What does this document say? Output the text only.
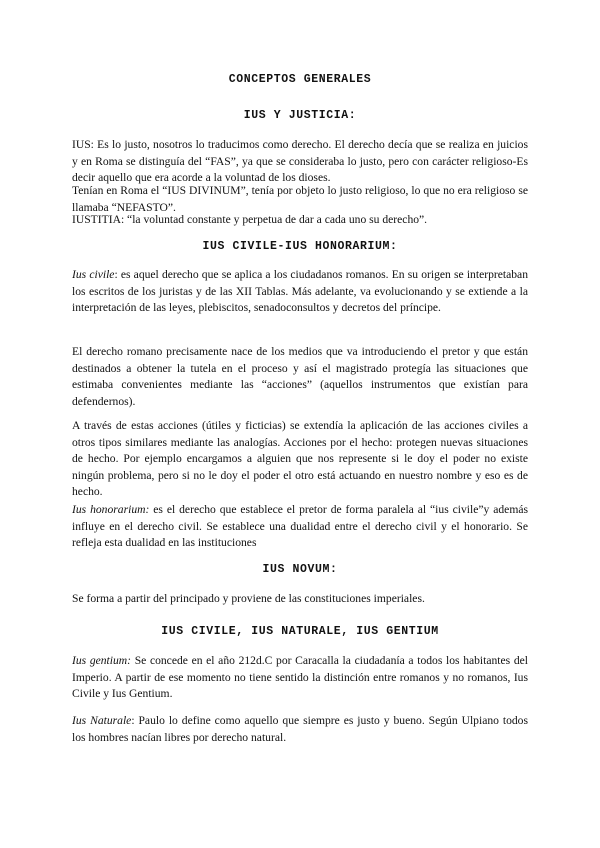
CONCEPTOS GENERALES
IUS Y JUSTICIA:

IUS: Es lo justo, nosotros lo traducimos como derecho. El derecho decía que se realiza en juicios y en Roma se distinguía del “FAS”, ya que se consideraba lo justo, pero con carácter religioso-Es decir aquello que era acorde a la voluntad de los dioses.

Tenían en Roma el “IUS DIVINUM”, tenía por objeto lo justo religioso, lo que no era religioso se llamaba “NEFASTO”.

IUSTITIA: “la voluntad constante y perpetua de dar a cada uno su derecho”.

IUS CIVILE-IUS HONORARIUM:

Ius civile: es aquel derecho que se aplica a los ciudadanos romanos. En su origen se interpretaban los escritos de los juristas y de las XII Tablas. Más adelante, va evolucionando y se extiende a la interpretación de las leyes, plebiscitos, senadoconsultos y decretos del príncipe.

El derecho romano precisamente nace de los medios que va introduciendo el pretor y que están destinados a obtener la tutela en el proceso y así el magistrado protegía las situaciones que estimaba convenientes mediante las “acciones” (aquellos instrumentos que existían para defendernos).

A través de estas acciones (útiles y ficticias) se extendía la aplicación de las acciones civiles a otros tipos similares mediante las analogías. Acciones por el hecho: protegen nuevas situaciones de hecho. Por ejemplo encargamos a alguien que nos represente si le doy el poder no existe ningún problema, pero si no le doy el poder el otro está actuando en nuestro nombre y eso es de hecho.

Ius honorarium: es el derecho que establece el pretor de forma paralela al “ius civile”y además influye en el derecho civil. Se establece una dualidad entre el derecho civil y el honorario. Se refleja esta dualidad en las instituciones

IUS NOVUM:

Se forma a partir del principado y proviene de las constituciones imperiales.

IUS CIVILE, IUS NATURALE, IUS GENTIUM

Ius gentium: Se concede en el año 212d.C por Caracalla la ciudadanía a todos los habitantes del Imperio. A partir de ese momento no tiene sentido la distinción entre romanos y no romanos, Ius Civile y Ius Gentium.

Ius Naturale: Paulo lo define como aquello que siempre es justo y bueno. Según Ulpiano todos los hombres nacían libres por derecho natural.
